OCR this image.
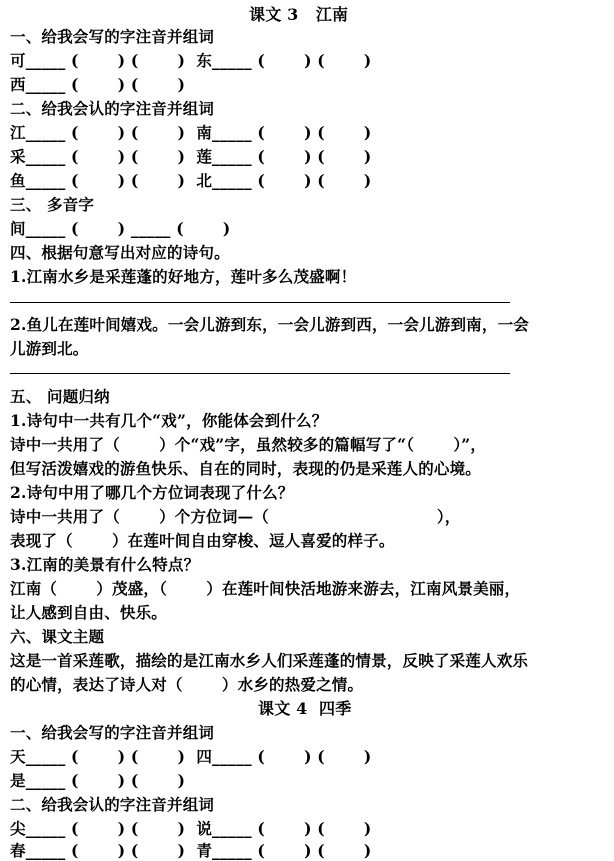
课文 3   江南
一、给我会写的字注音并组词
可_____ (       ) (       )  东_____ (       ) (       )
西_____ (       ) (       )
二、给我会认的字注音并组词
江_____ (       ) (       )  南_____ (       ) (       )
采_____ (       ) (       )  莲_____ (       ) (       )
鱼_____ (       ) (       )  北_____ (       ) (       )
三、 多音字
间_____ (       ) _____ (       )
四、根据句意写出对应的诗句。
1.江南水乡是采莲蓬的好地方，莲叶多么茂盛啊！
2.鱼儿在莲叶间嬉戏。一会儿游到东，一会儿游到西，一会儿游到南，一会
儿游到北。
五、 问题归纳
1.诗句中一共有几个“戏”，你能体会到什么？
诗中一共用了（       ）个“戏”字，虽然较多的篇幅写了“（       ）”，
但写活泼嬉戏的游鱼快乐、自在的同时，表现的仍是采莲人的心境。
2.诗句中用了哪几个方位词表现了什么？
诗中一共用了（       ）个方位词—（                              ），
表现了（       ）在莲叶间自由穿梭、逗人喜爱的样子。
3.江南的美景有什么特点？
江南（       ）茂盛，（       ）在莲叶间快活地游来游去，江南风景美丽，
让人感到自由、快乐。
六、课文主题
这是一首采莲歌，描绘的是江南水乡人们采莲蓬的情景，反映了采莲人欢乐
的心情，表达了诗人对（       ）水乡的热爱之情。
课文 4  四季
一、给我会写的字注音并组词
天_____ (       ) (       )  四_____ (       ) (       )
是_____ (       ) (       )
二、给我会认的字注音并组词
尖_____ (       ) (       )  说_____ (       ) (       )
春_____ (       ) (       )  青_____ (       ) (       )
